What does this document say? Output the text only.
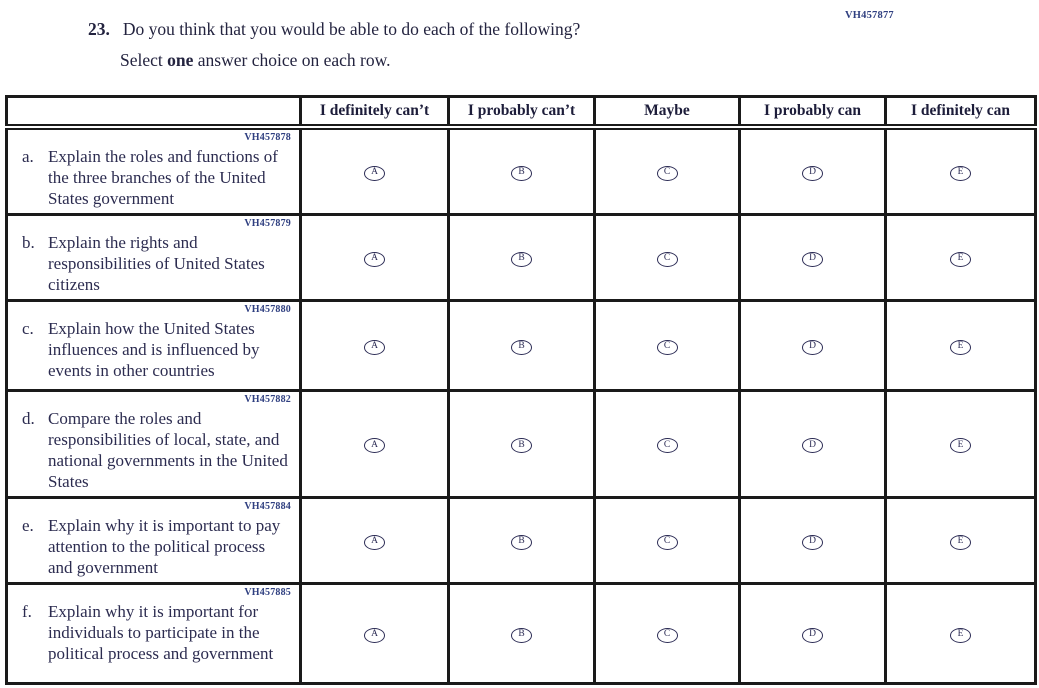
VH457877
23. Do you think that you would be able to do each of the following?
Select one answer choice on each row.
	I definitely can’t	I probably can’t	Maybe	I probably can	I definitely can

VH457878
a. Explain the roles and functions of the three branches of the United States government	A	B	C	D	E

VH457879
b. Explain the rights and responsibilities of United States citizens	A	B	C	D	E

VH457880
c. Explain how the United States influences and is influenced by events in other countries	A	B	C	D	E

VH457882
d. Compare the roles and responsibilities of local, state, and national governments in the United States	A	B	C	D	E

VH457884
e. Explain why it is important to pay attention to the political process and government	A	B	C	D	E

VH457885
f. Explain why it is important for individuals to participate in the political process and government	A	B	C	D	E
